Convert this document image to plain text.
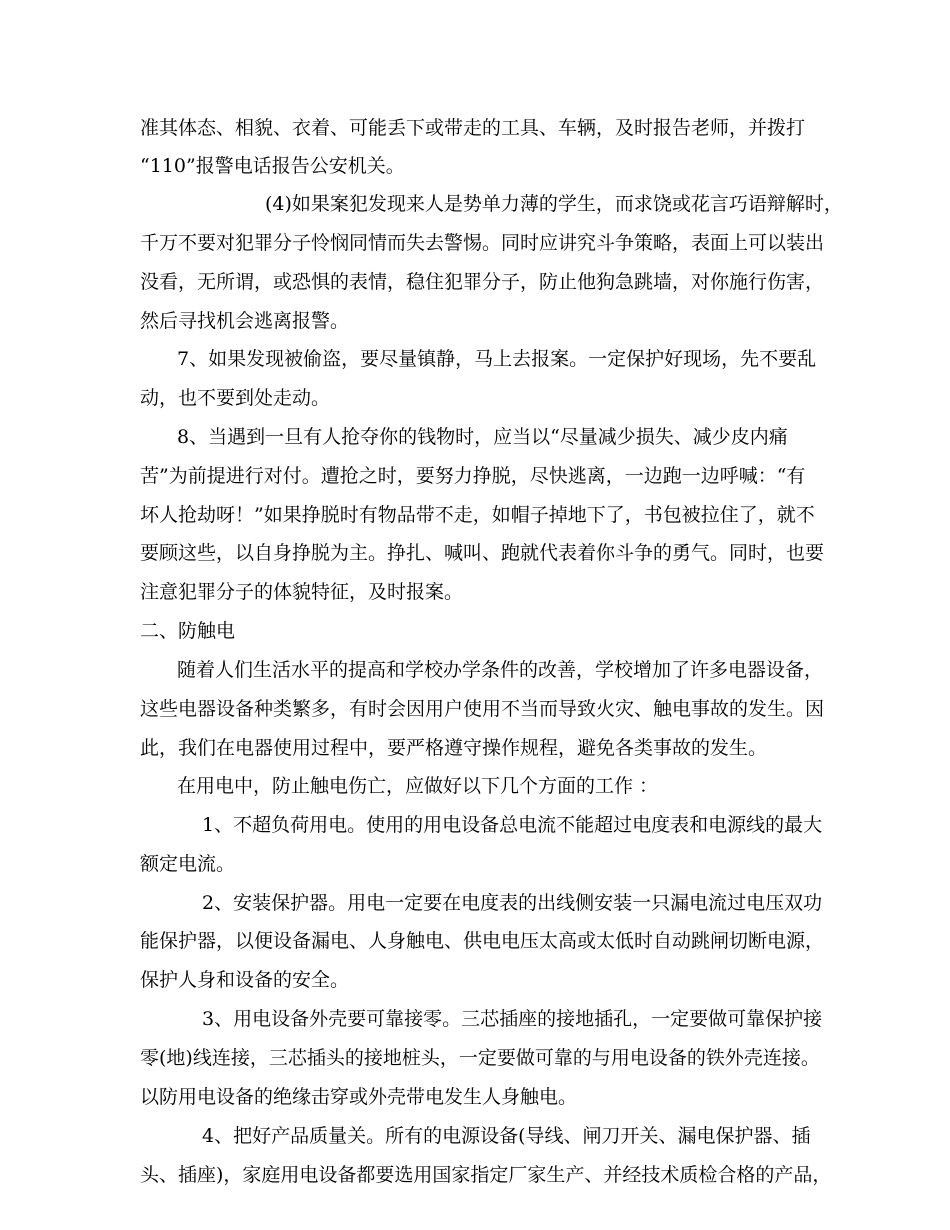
准其体态、相貌、衣着、可能丢下或带走的工具、车辆，及时报告老师，并拨打
“110”报警电话报告公安机关。
(4)如果案犯发现来人是势单力薄的学生，而求饶或花言巧语辩解时，
千万不要对犯罪分子怜悯同情而失去警惕。同时应讲究斗争策略，表面上可以装出
没看，无所谓，或恐惧的表情，稳住犯罪分子，防止他狗急跳墙，对你施行伤害，
然后寻找机会逃离报警。
7、如果发现被偷盗，要尽量镇静，马上去报案。一定保护好现场，先不要乱
动，也不要到处走动。
8、当遇到一旦有人抢夺你的钱物时，应当以“尽量减少损失、减少皮内痛
苦”为前提进行对付。遭抢之时，要努力挣脱，尽快逃离，一边跑一边呼喊：“有
坏人抢劫呀！”如果挣脱时有物品带不走，如帽子掉地下了，书包被拉住了，就不
要顾这些，以自身挣脱为主。挣扎、喊叫、跑就代表着你斗争的勇气。同时，也要
注意犯罪分子的体貌特征，及时报案。
二、防触电
随着人们生活水平的提高和学校办学条件的改善，学校增加了许多电器设备，
这些电器设备种类繁多，有时会因用户使用不当而导致火灾、触电事故的发生。因
此，我们在电器使用过程中，要严格遵守操作规程，避免各类事故的发生。
在用电中，防止触电伤亡，应做好以下几个方面的工作 ：
1、不超负荷用电。使用的用电设备总电流不能超过电度表和电源线的最大
额定电流。
2、安装保护器。用电一定要在电度表的出线侧安装一只漏电流过电压双功
能保护器，以便设备漏电、人身触电、供电电压太高或太低时自动跳闸切断电源，
保护人身和设备的安全。
3、用电设备外壳要可靠接零。三芯插座的接地插孔，一定要做可靠保护接
零(地)线连接，三芯插头的接地桩头，一定要做可靠的与用电设备的铁外壳连接。
以防用电设备的绝缘击穿或外壳带电发生人身触电。
4、把好产品质量关。所有的电源设备(导线、闸刀开关、漏电保护器、插
头、插座)，家庭用电设备都要选用国家指定厂家生产、并经技术质检合格的产品，
